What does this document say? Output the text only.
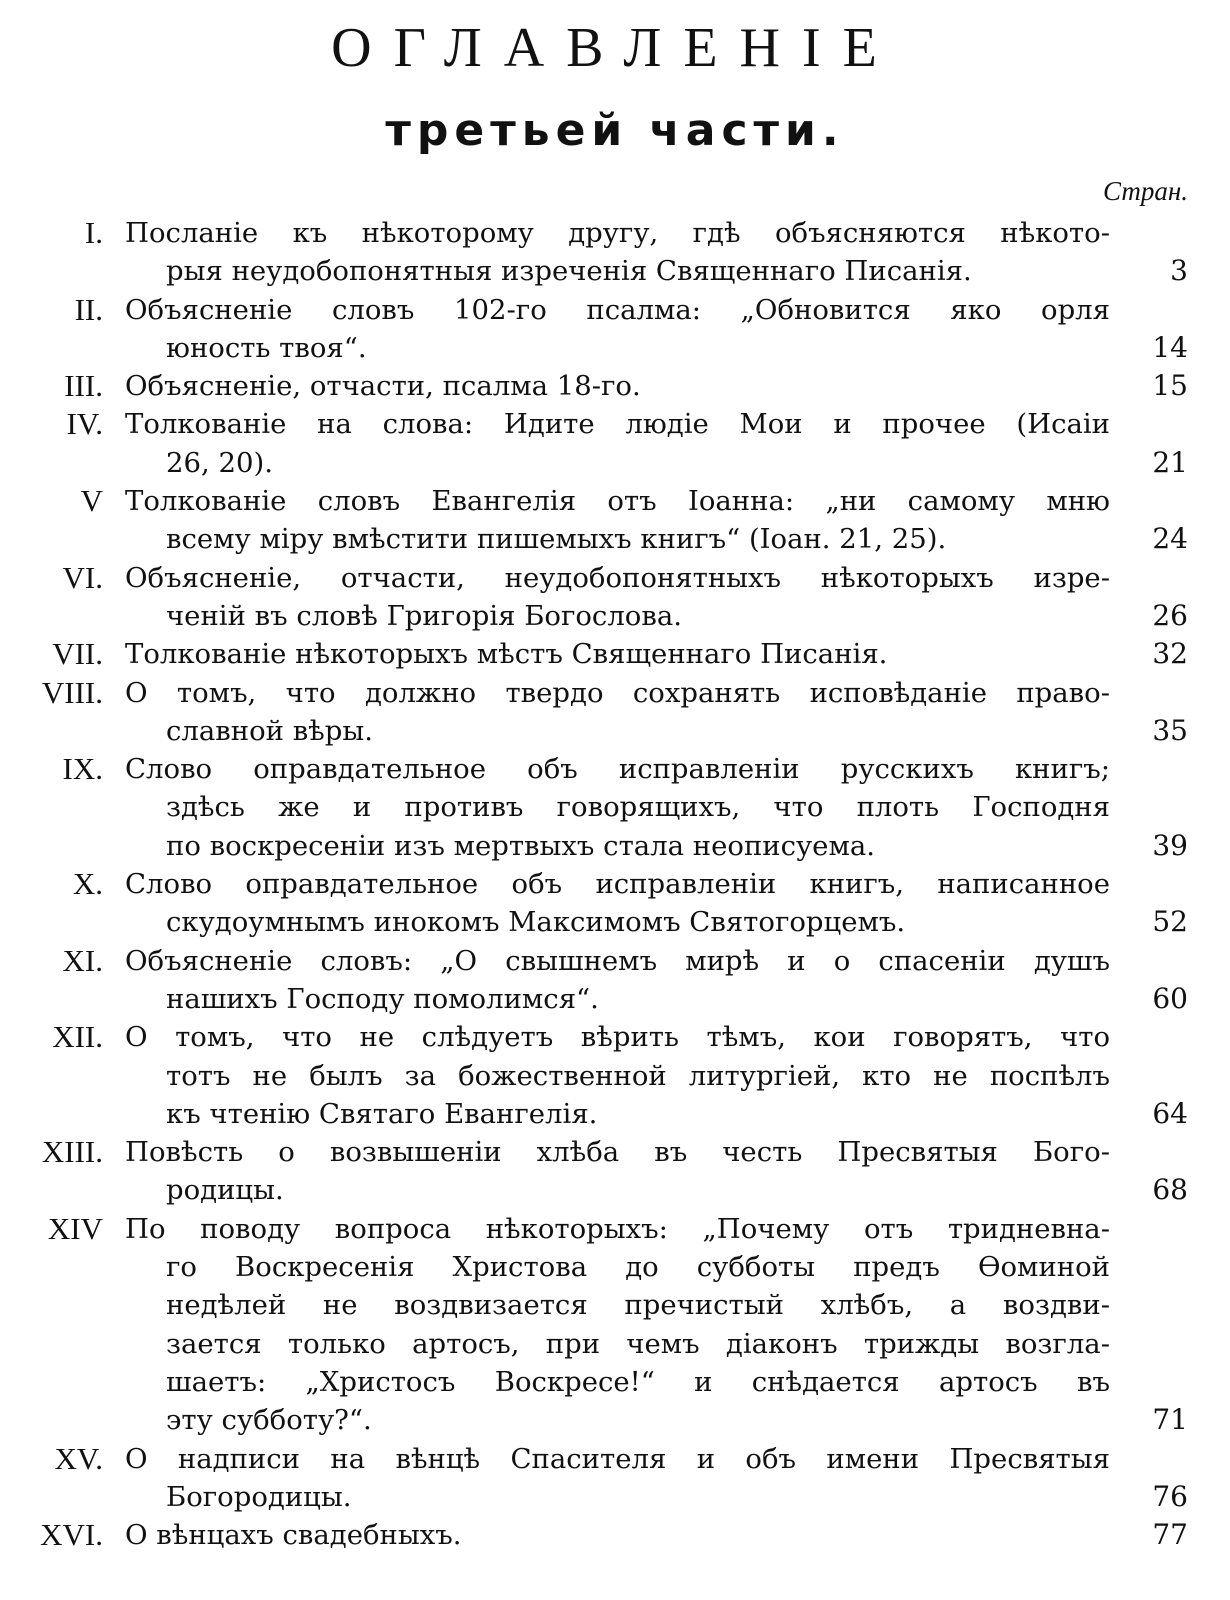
ОГЛАВЛЕНІЕ
третьей части.
Стран.
I. Посланіе къ нѣкоторому другу, гдѣ объясняются нѣкото-
рыя неудобопонятныя изреченія Священнаго Писанія.	3
II. Объясненіе словъ 102-го псалма: „Обновится яко орля
юность твоя“.	14
III. Объясненіе, отчасти, псалма 18-го.	15
IV. Толкованіе на слова: Идите людіе Мои и прочее (Исаіи
26, 20).	21
V Толкованіе словъ Евангелія отъ Іоанна: „ни самому мню
всему міру вмѣстити пишемыхъ книгъ“ (Іоан. 21, 25).	24
VI. Объясненіе, отчасти, неудобопонятныхъ нѣкоторыхъ изре-
ченій въ словѣ Григорія Богослова.	26
VII. Толкованіе нѣкоторыхъ мѣстъ Священнаго Писанія.	32
VIII. О томъ, что должно твердо сохранять исповѣданіе право-
славной вѣры.	35
IX. Слово оправдательное объ исправленіи русскихъ книгъ;
здѣсь же и противъ говорящихъ, что плоть Господня
по воскресеніи изъ мертвыхъ стала неописуема.	39
X. Слово оправдательное объ исправленіи книгъ, написанное
скудоумнымъ инокомъ Максимомъ Святогорцемъ.	52
XI. Объясненіе словъ: „О свышнемъ мирѣ и о спасеніи душъ
нашихъ Господу помолимся“.	60
XII. О томъ, что не слѣдуетъ вѣрить тѣмъ, кои говорятъ, что
тотъ не былъ за божественной литургіей, кто не поспѣлъ
къ чтенію Святаго Евангелія.	64
XIII. Повѣсть о возвышеніи хлѣба въ честь Пресвятыя Бого-
родицы.	68
XIV По поводу вопроса нѣкоторыхъ: „Почему отъ тридневна-
го Воскресенія Христова до субботы предъ Ѳоминой
недѣлей не воздвизается пречистый хлѣбъ, а воздви-
зается только артосъ, при чемъ діаконъ трижды возгла-
шаетъ: „Христосъ Воскресе!“ и снѣдается артосъ въ
эту субботу?“.	71
XV. О надписи на вѣнцѣ Спасителя и объ имени Пресвятыя
Богородицы.	76
XVI. О вѣнцахъ свадебныхъ.	77
